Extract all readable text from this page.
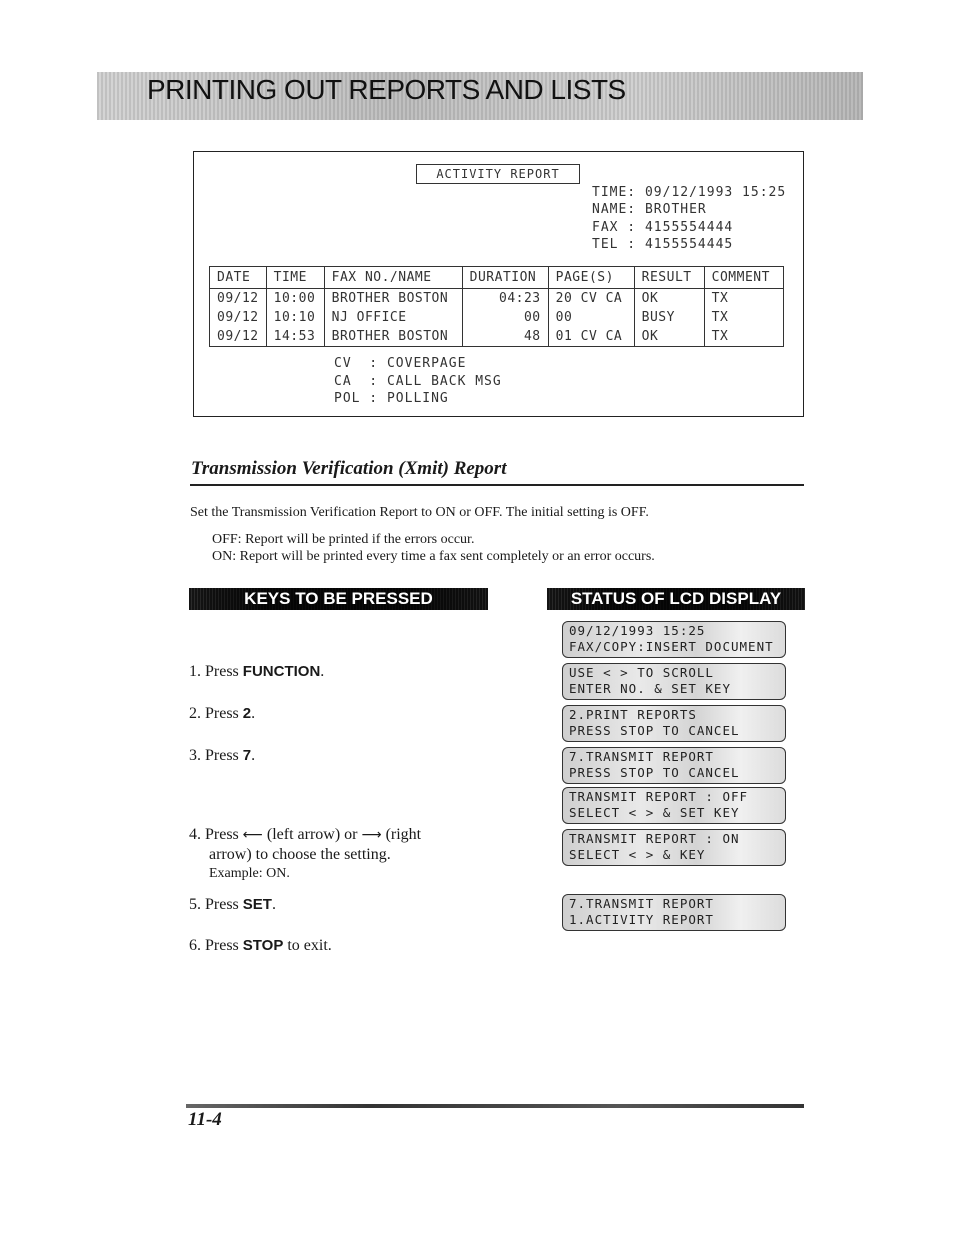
PRINTING OUT REPORTS AND LISTS
ACTIVITY REPORT
TIME: 09/12/1993 15:25
NAME: BROTHER
FAX : 4155554444
TEL : 4155554445
DATE	TIME	FAX NO./NAME	DURATION	PAGE(S)	RESULT	COMMENT
09/12	10:00	BROTHER BOSTON	04:23	20 CV CA	OK	TX
09/12	10:10	NJ OFFICE	00	00	BUSY	TX
09/12	14:53	BROTHER BOSTON	48	01 CV CA	OK	TX
CV  : COVERPAGE
CA  : CALL BACK MSG
POL : POLLING
Transmission Verification (Xmit) Report
Set the Transmission Verification Report to ON or OFF. The initial setting is OFF.
OFF: Report will be printed if the errors occur.
ON: Report will be printed every time a fax sent completely or an error occurs.
KEYS TO BE PRESSED	STATUS OF LCD DISPLAY
1. Press FUNCTION.
2. Press 2.
3. Press 7.
4. Press ⟵ (left arrow) or ⟶ (right
arrow) to choose the setting.
Example: ON.
5. Press SET.
6. Press STOP to exit.
09/12/1993 15:25
FAX/COPY:INSERT DOCUMENT
USE < > TO SCROLL
ENTER NO. & SET KEY
2.PRINT REPORTS
PRESS STOP TO CANCEL
7.TRANSMIT REPORT
PRESS STOP TO CANCEL
TRANSMIT REPORT : OFF
SELECT < > & SET KEY
TRANSMIT REPORT : ON
SELECT < > & KEY
7.TRANSMIT REPORT
1.ACTIVITY REPORT
11-4
